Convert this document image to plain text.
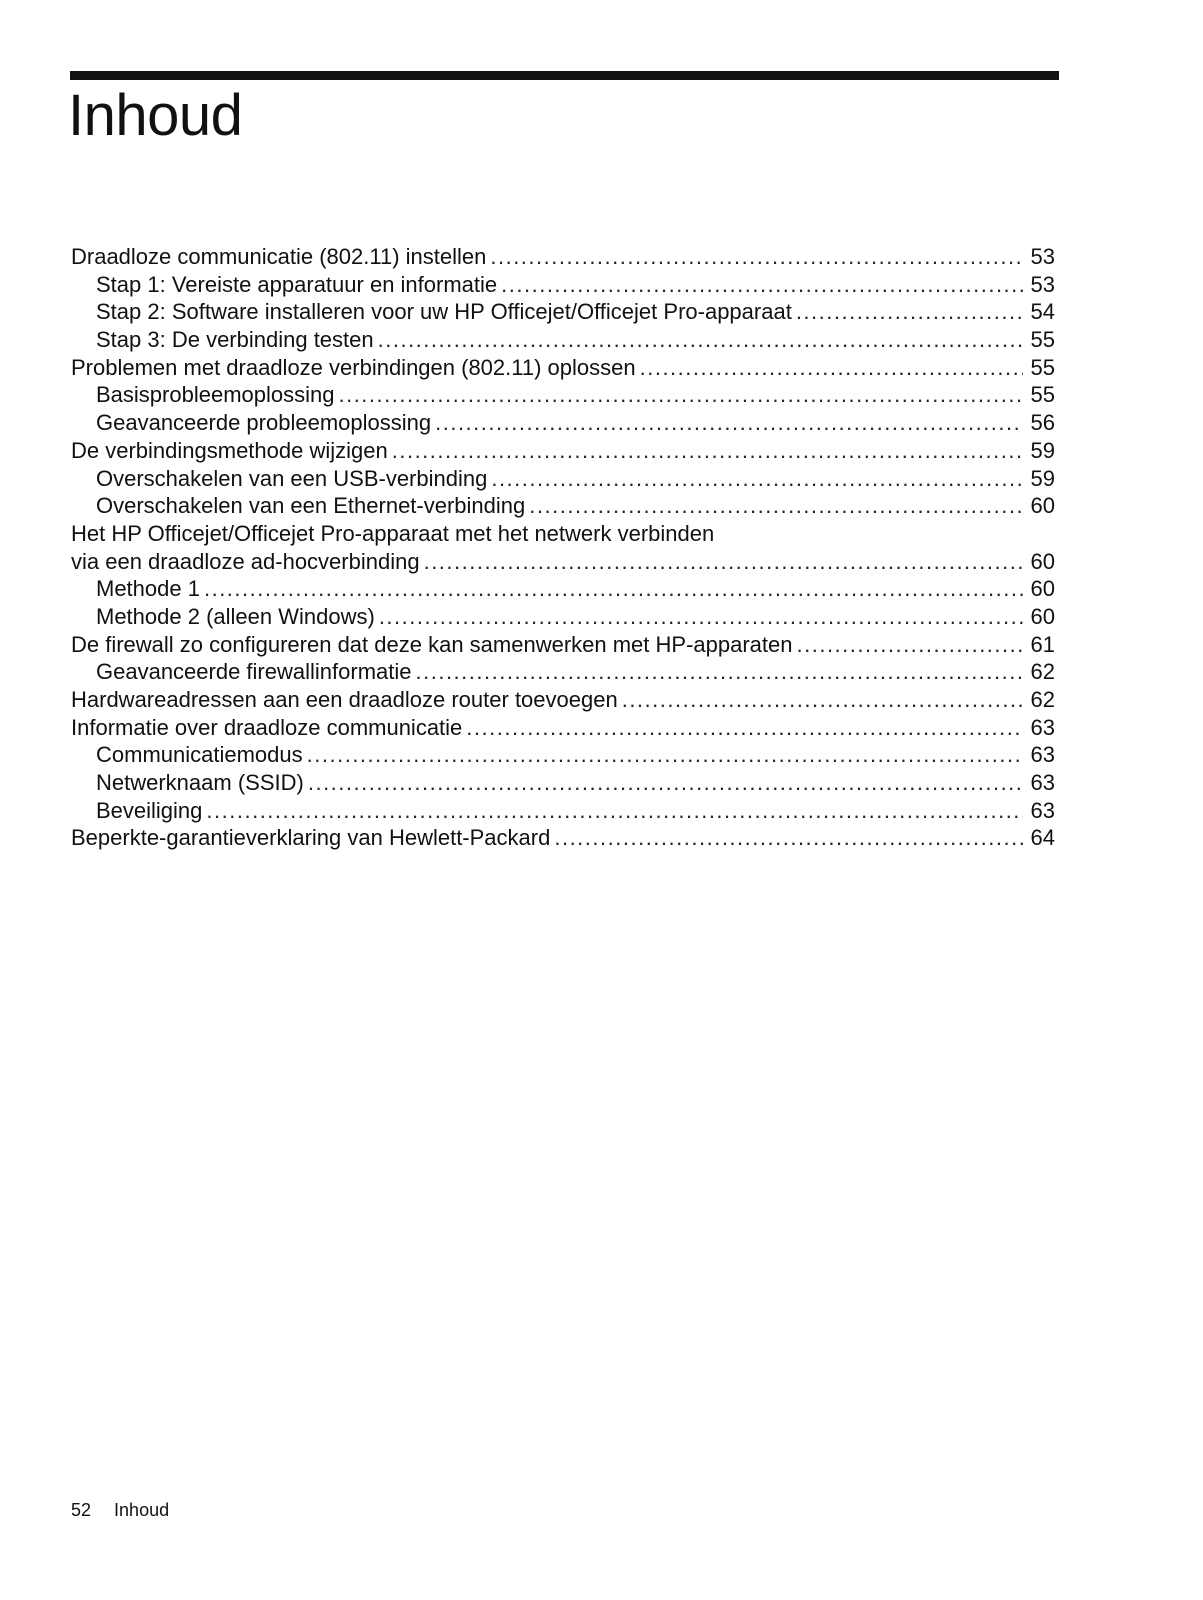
Inhoud
Draadloze communicatie (802.11) instellen .....	53
Stap 1: Vereiste apparatuur en informatie .....	53
Stap 2: Software installeren voor uw HP Officejet/Officejet Pro-apparaat .....	54
Stap 3: De verbinding testen .....	55
Problemen met draadloze verbindingen (802.11) oplossen .....	55
Basisprobleemoplossing .....	55
Geavanceerde probleemoplossing .....	56
De verbindingsmethode wijzigen .....	59
Overschakelen van een USB-verbinding .....	59
Overschakelen van een Ethernet-verbinding .....	60
Het HP Officejet/Officejet Pro-apparaat met het netwerk verbinden
via een draadloze ad-hocverbinding .....	60
Methode 1 .....	60
Methode 2 (alleen Windows) .....	60
De firewall zo configureren dat deze kan samenwerken met HP-apparaten .....	61
Geavanceerde firewallinformatie .....	62
Hardwareadressen aan een draadloze router toevoegen .....	62
Informatie over draadloze communicatie .....	63
Communicatiemodus .....	63
Netwerknaam (SSID) .....	63
Beveiliging .....	63
Beperkte-garantieverklaring van Hewlett-Packard .....	64
52 Inhoud
